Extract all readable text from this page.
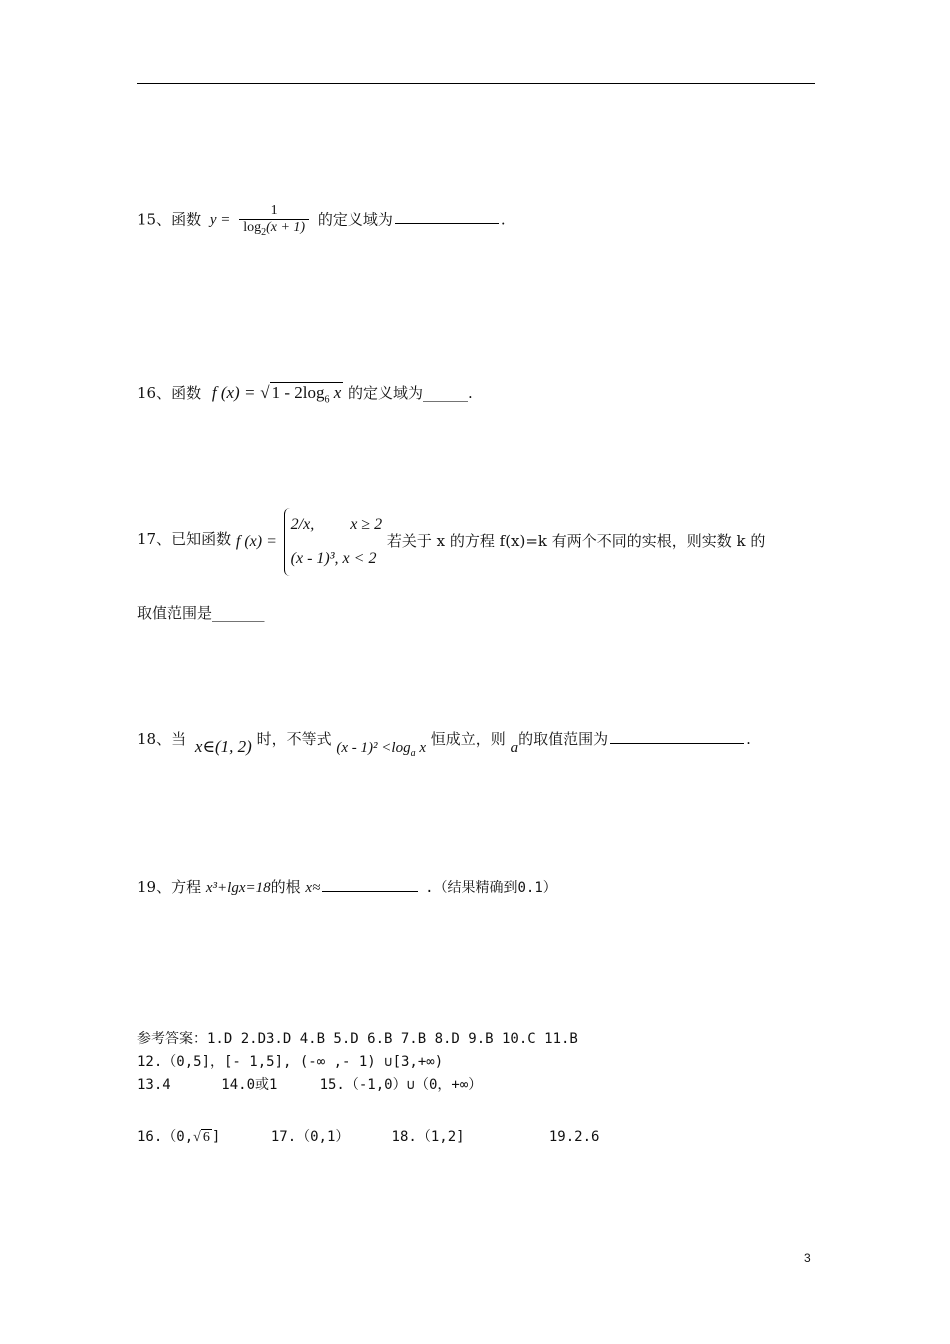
15、函数 $y = \frac{1}{\log_2(x + 1)}$ 的定义域为	.
16、函数 f (x) = √ $1 - 2\log_6$ x 的定义域为______.
17、已知函数 f (x) =
2/x, x ≥ 2
(x - 1)³, x < 2
若关于 x 的方程 f(x)=k 有两个不同的实根，则实数 k 的
取值范围是_______
18、当 x∈(1, 2) 时，不等式 $(x - 1)^2 <\log_a$ x 恒成立，则 a的取值范围为	.
19、方程 x³+lgx=18的根 x≈	.（结果精确到0.1）
参考答案：1.D 2.D3.D 4.B 5.D 6.B 7.B 8.D 9.B 10.C 11.B
12.（0,5]，[- 1,5], (-∞ ,- 1) ∪[3,+∞)
13.4      14.0或1     15.（-1,0）∪（0，+∞）
16.（0,√ 6 ]      17.（0,1）     18.（1,2]          19.2.6
3
